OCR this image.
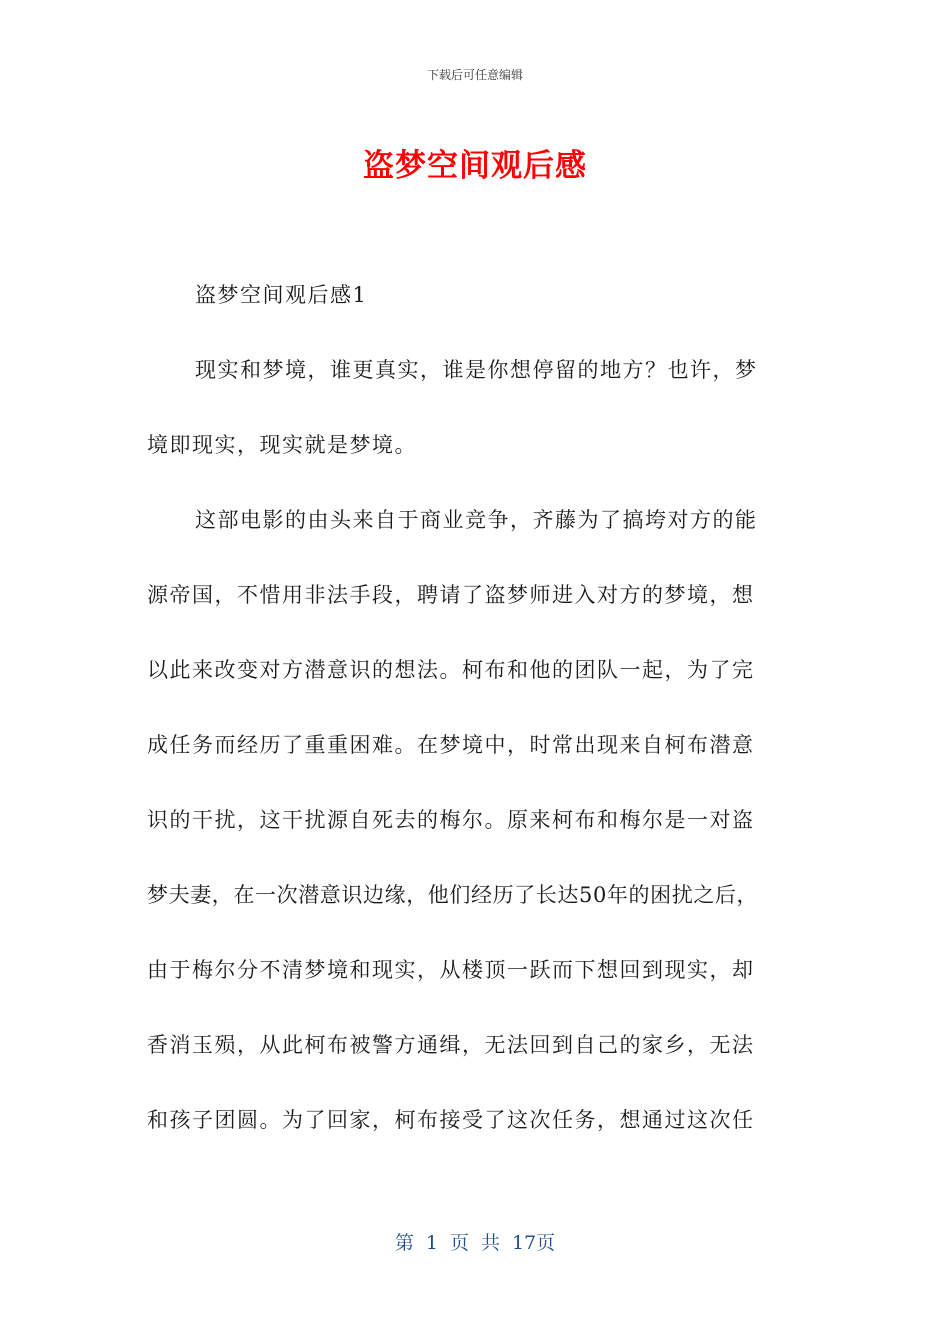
下载后可任意编辑
盗梦空间观后感
盗梦空间观后感1
现实和梦境，谁更真实，谁是你想停留的地方？也许，梦
境即现实，现实就是梦境。
这部电影的由头来自于商业竞争，齐藤为了搞垮对方的能
源帝国，不惜用非法手段，聘请了盗梦师进入对方的梦境，想
以此来改变对方潜意识的想法。柯布和他的团队一起，为了完
成任务而经历了重重困难。在梦境中，时常出现来自柯布潜意
识的干扰，这干扰源自死去的梅尔。原来柯布和梅尔是一对盗
梦夫妻，在一次潜意识边缘，他们经历了长达50年的困扰之后，
由于梅尔分不清梦境和现实，从楼顶一跃而下想回到现实，却
香消玉殒，从此柯布被警方通缉，无法回到自己的家乡，无法
和孩子团圆。为了回家，柯布接受了这次任务，想通过这次任
第 1 页 共 17页
